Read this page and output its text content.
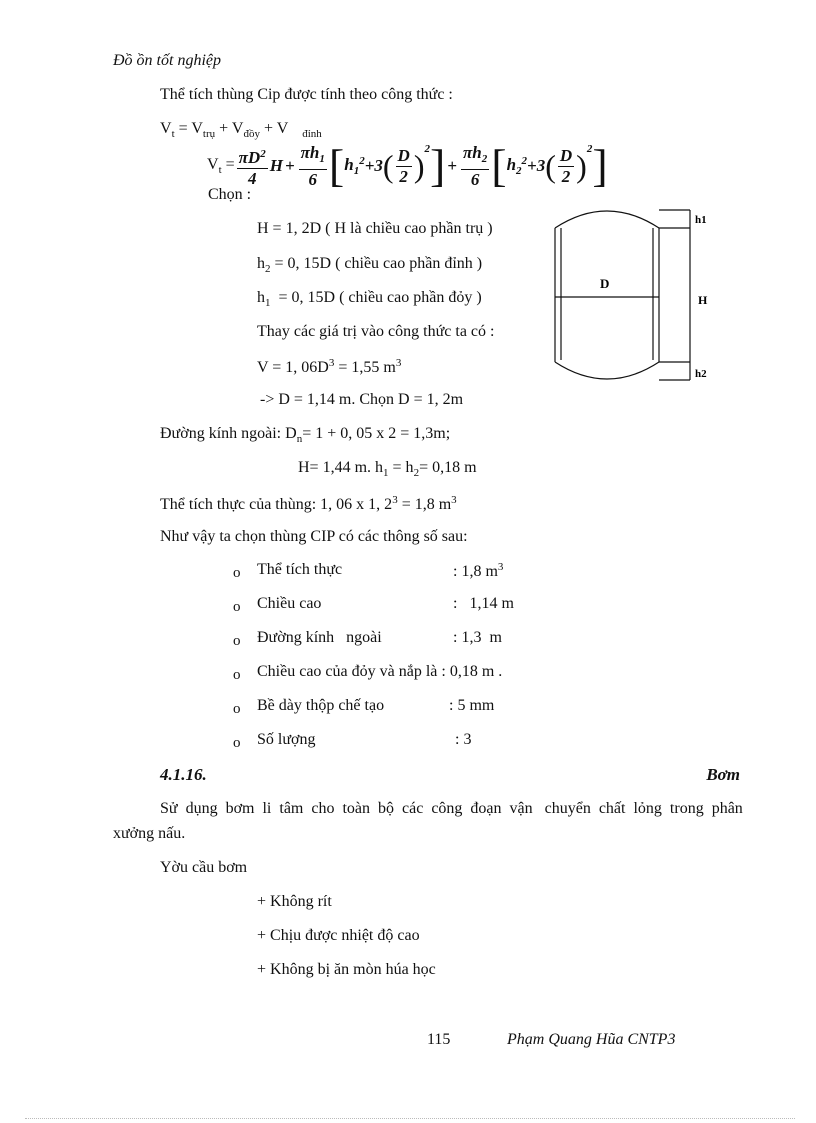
Đồ ồn tốt nghiệp
Thể tích thùng Cip được tính theo công thức :
$V_t = V_{trụ} + V_{đồy} + V$ $_{đỉnh}$
$V_t = \frac{\pi D^2}{4}$ $H + \frac{\pi h_1}{6}$ [ $h_1^2 +3$ ( $\frac{D}{2}$ ) 2 ] + $\frac{\pi h_2}{6}$ [ $h_2^2 +3$ ( $\frac{D}{2}$ ) 2 ]
Chọn :
H = 1, 2D ( H là chiều cao phần trụ )
$h_2 = 0$, 15D ( chiều cao phần đỉnh )
$h_1 = 0$, 15D ( chiều cao phần đỏy )
Thay các giá trị vào công thức ta có :
V = 1, $06D^3 = 1,55$ $m^3$
-> D = 1,14 m. Chọn D = 1, 2m
D
H
h1
h2
Đường kính ngoài: $D_n= 1 + 0$, 05 x 2 = 1,3m;
H= 1,44 m. $h_1 = h_2= 0,18$ m
Thể tích thực của thùng: 1, 06 x 1, $2^3 = 1,8$ $m^3$
Như vậy ta chọn thùng CIP có các thông số sau:
o Thể tích thực	: 1,8 $m^3$
o Chiều cao	:   1,14 m
o Đường kính   ngoài	: 1,3  m
o Chiều cao của đỏy và nắp là : 0,18 m .
o Bề dày thộp chế tạo	: 5 mm
o Số lượng	: 3
4.1.16.	Bơm
Sử  dụng  bơm  li  tâm  cho  toàn  bộ  các  công  đoạn  vận   chuyển  chất  lỏng  trong  phân
xưởng nấu.
Yờu cầu bơm
+ Không rít
+ Chịu được nhiệt độ cao
+ Không bị ăn mòn húa học
115	Phạm Quang Hũa CNTP3
